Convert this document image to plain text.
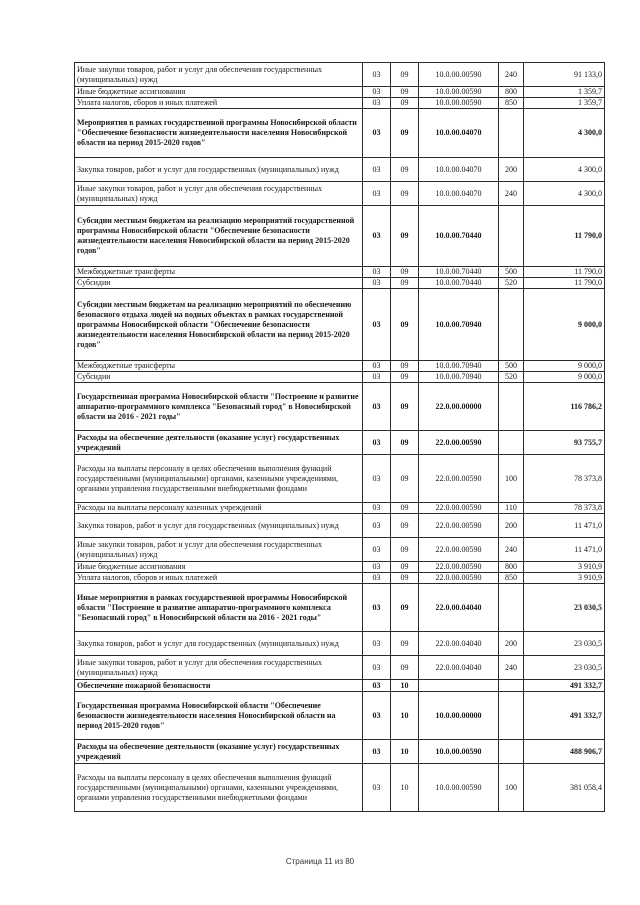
Иные закупки товаров, работ и услуг для обеспечения государственных (муниципальных) нужд	03	09	10.0.00.00590	240	91 133,0
Иные бюджетные ассигнования	03	09	10.0.00.00590	800	1 359,7
Уплата налогов, сборов и иных платежей	03	09	10.0.00.00590	850	1 359,7
Мероприятия в рамках государственной программы Новосибирской области "Обеспечение безопасности жизнедеятельности населения Новосибирской области на период 2015-2020 годов"	03	09	10.0.00.04070		4 300,0
Закупка товаров, работ и услуг для государственных (муниципальных) нужд	03	09	10.0.00.04070	200	4 300,0
Иные закупки товаров, работ и услуг для обеспечения государственных (муниципальных) нужд	03	09	10.0.00.04070	240	4 300,0
Субсидии местным бюджетам на реализацию мероприятий государственной программы Новосибирской области "Обеспечение безопасности жизнедеятельности населения Новосибирской области на период 2015-2020 годов"	03	09	10.0.00.70440		11 790,0
Межбюджетные трансферты	03	09	10.0.00.70440	500	11 790,0
Субсидии	03	09	10.0.00.70440	520	11 790,0
Субсидии местным бюджетам на реализацию мероприятий по обеспечению безопасного отдыха людей на водных объектах в рамках государственной программы Новосибирской области "Обеспечение безопасности жизнедеятельности населения Новосибирской области на период 2015-2020 годов"	03	09	10.0.00.70940		9 000,0
Межбюджетные трансферты	03	09	10.0.00.70940	500	9 000,0
Субсидии	03	09	10.0.00.70940	520	9 000,0
Государственная программа Новосибирской области "Построение и развитие аппаратно-программного комплекса "Безопасный город" в Новосибирской области на 2016 - 2021 годы"	03	09	22.0.00.00000		116 786,2
Расходы на обеспечение деятельности (оказание услуг) государственных учреждений	03	09	22.0.00.00590		93 755,7
Расходы на выплаты персоналу в целях обеспечения выполнения функций государственными (муниципальными) органами, казенными учреждениями, органами управления государственными внебюджетными фондами	03	09	22.0.00.00590	100	78 373,8
Расходы на выплаты персоналу казенных учреждений	03	09	22.0.00.00590	110	78 373,8
Закупка товаров, работ и услуг для государственных (муниципальных) нужд	03	09	22.0.00.00590	200	11 471,0
Иные закупки товаров, работ и услуг для обеспечения государственных (муниципальных) нужд	03	09	22.0.00.00590	240	11 471,0
Иные бюджетные ассигнования	03	09	22.0.00.00590	800	3 910,9
Уплата налогов, сборов и иных платежей	03	09	22.0.00.00590	850	3 910,9
Иные мероприятия в рамках государственной программы Новосибирской области "Построение и развитие аппаратно-программного комплекса "Безопасный город" в Новосибирской области на 2016 - 2021 годы"	03	09	22.0.00.04040		23 030,5
Закупка товаров, работ и услуг для государственных (муниципальных) нужд	03	09	22.0.00.04040	200	23 030,5
Иные закупки товаров, работ и услуг для обеспечения государственных (муниципальных) нужд	03	09	22.0.00.04040	240	23 030,5
Обеспечение пожарной безопасности	03	10			491 332,7
Государственная программа Новосибирской области "Обеспечение безопасности жизнедеятельности населения Новосибирской области на период 2015-2020 годов"	03	10	10.0.00.00000		491 332,7
Расходы на обеспечение деятельности (оказание услуг) государственных учреждений	03	10	10.0.00.00590		488 906,7
Расходы на выплаты персоналу в целях обеспечения выполнения функций государственными (муниципальными) органами, казенными учреждениями, органами управления государственными внебюджетными фондами	03	10	10.0.00.00590	100	381 058,4
Страница 11 из 80
